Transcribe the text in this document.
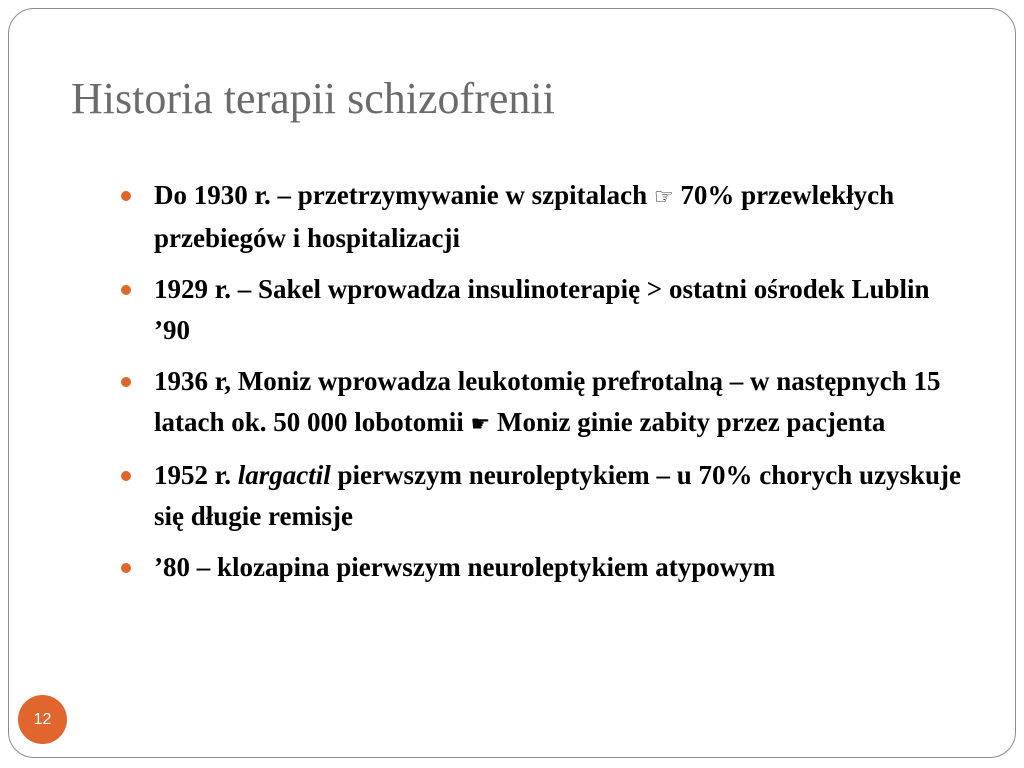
Historia terapii schizofrenii
Do 1930 r. – przetrzymywanie w szpitalach ☞ 70% przewlekłych przebiegów i hospitalizacji
1929 r. – Sakel wprowadza insulinoterapię > ostatni ośrodek Lublin ’90
1936 r, Moniz wprowadza leukotomię prefrotalną – w następnych 15 latach ok. 50 000 lobotomii ☛ Moniz ginie zabity przez pacjenta
1952 r. largactil pierwszym neuroleptykiem – u 70% chorych uzyskuje się długie remisje
’80 – klozapina pierwszym neuroleptykiem atypowym
12
